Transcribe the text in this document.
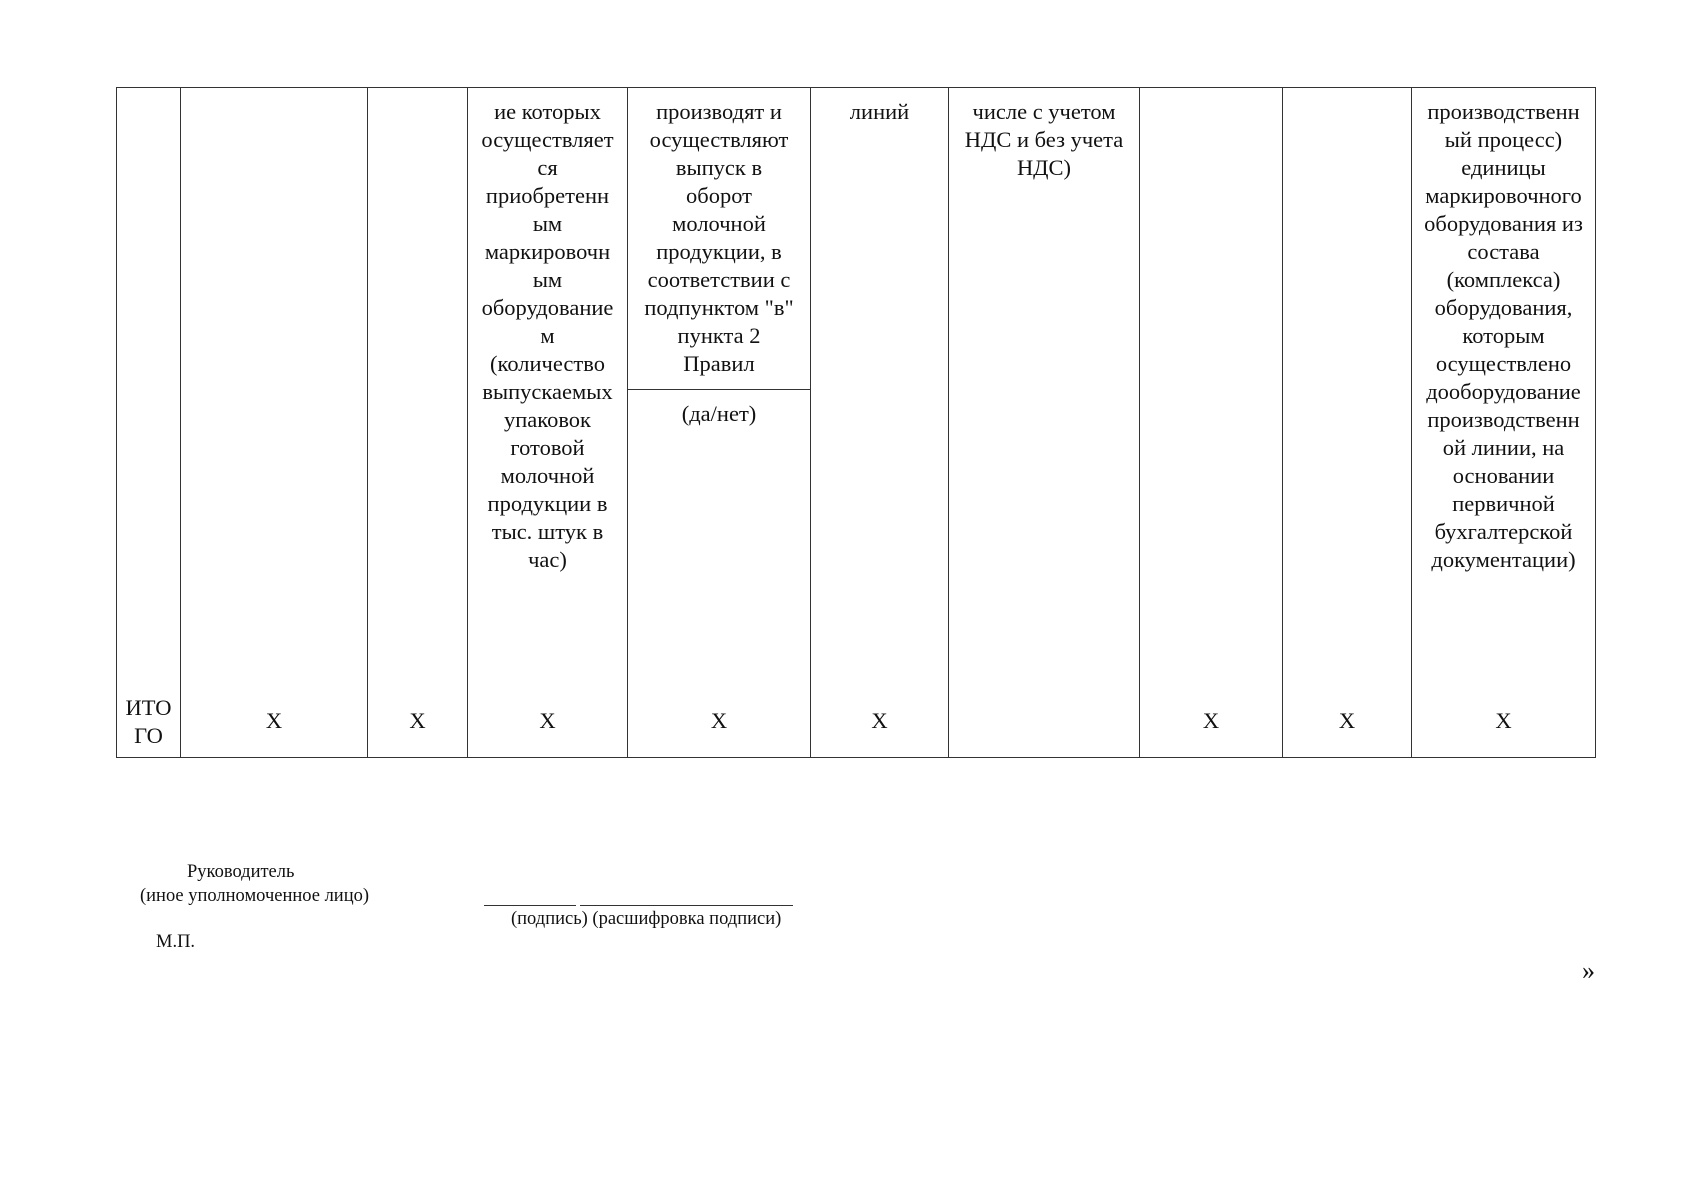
ИТО
ГО
X	X
ие которых
осуществляет
ся
приобретенн
ым
маркировочн
ым
оборудование
м
(количество
выпускаемых
упаковок
готовой
молочной
продукции в
тыс. штук в
час)
X
производят и
осуществляют
выпуск в
оборот
молочной
продукции, в
соответствии с
подпунктом "в"
пункта 2
Правил
(да/нет)
X
линий
X
числе с учетом
НДС и без учета
НДС)
X	X
производственн
ый процесс)
единицы
маркировочного
оборудования из
состава
(комплекса)
оборудования,
которым
осуществлено
дооборудование
производственн
ой линии, на
основании
первичной
бухгалтерской
документации)
X
Руководитель
(иное уполномоченное лицо)
(подпись) (расшифровка подписи)
М.П.
»
